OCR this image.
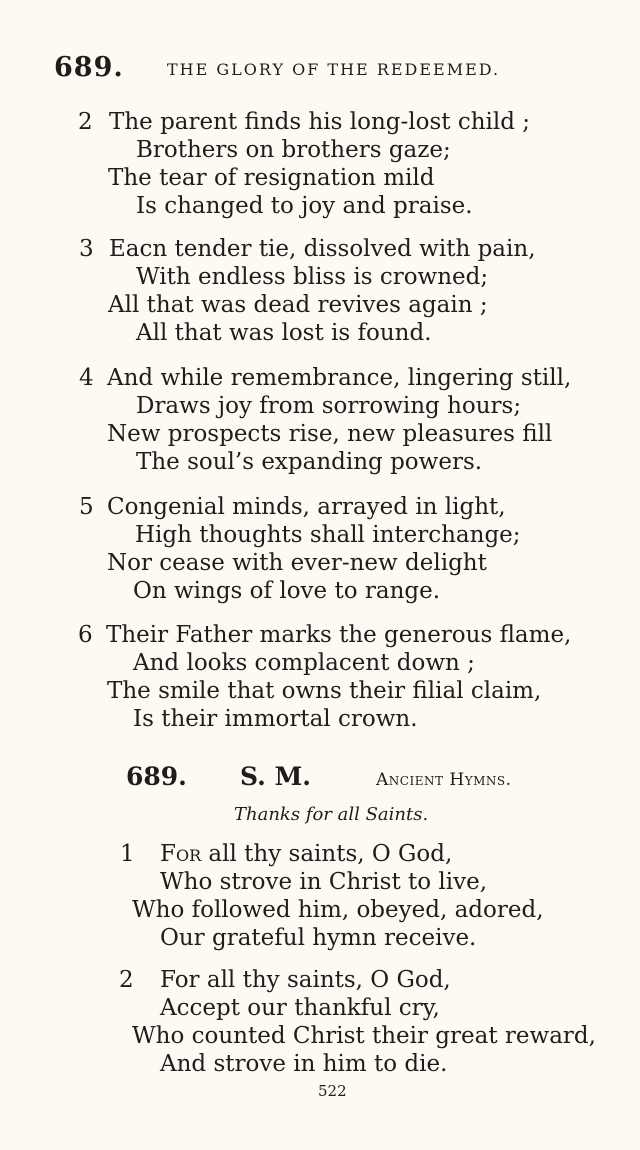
689.	THE GLORY OF THE REDEEMED.
2 The parent finds his long-lost child ;
Brothers on brothers gaze;
The tear of resignation mild
Is changed to joy and praise.
3 Eacn tender tie, dissolved with pain,
With endless bliss is crowned;
All that was dead revives again ;
All that was lost is found.
4 And while remembrance, lingering still,
Draws joy from sorrowing hours;
New prospects rise, new pleasures fill
The soul’s expanding powers.
5 Congenial minds, arrayed in light,
High thoughts shall interchange;
Nor cease with ever-new delight
On wings of love to range.
6 Their Father marks the generous flame,
And looks complacent down ;
The smile that owns their filial claim,
Is their immortal crown.
689. S. M.	Ancient Hymns.
Thanks for all Saints.
1 For all thy saints, O God,
Who strove in Christ to live,
Who followed him, obeyed, adored,
Our grateful hymn receive.
2 For all thy saints, O God,
Accept our thankful cry,
Who counted Christ their great reward,
And strove in him to die.
522
